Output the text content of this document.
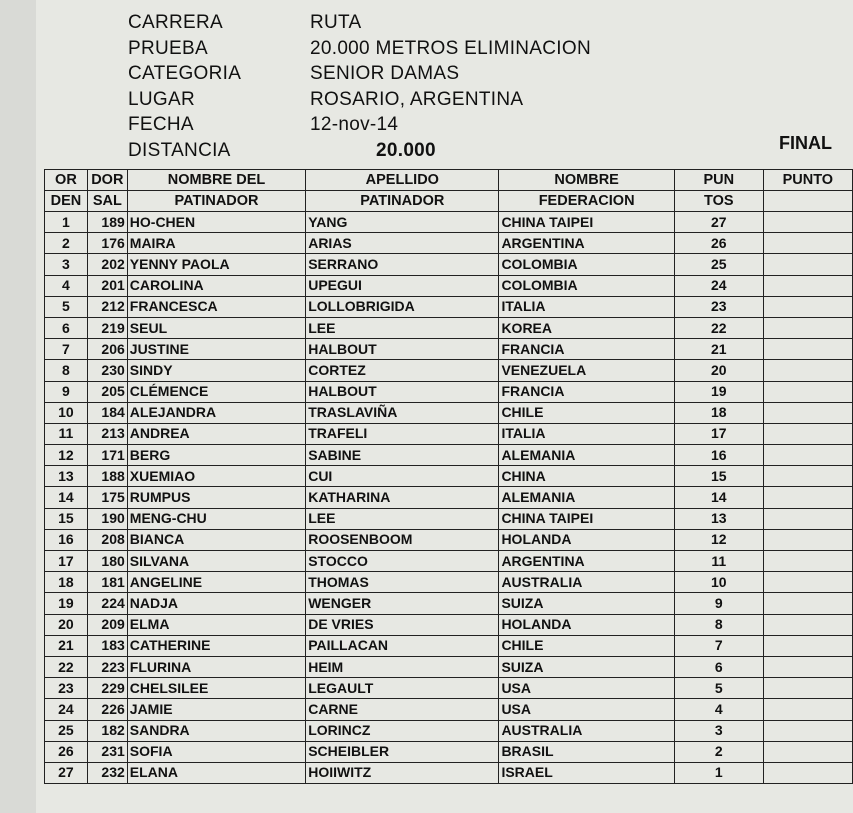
CARRERA	RUTA
PRUEBA	20.000 METROS ELIMINACION
CATEGORIA	SENIOR DAMAS
LUGAR	ROSARIO, ARGENTINA
FECHA	12-nov-14
DISTANCIA	20.000	FINAL
OR	DOR	NOMBRE DEL	APELLIDO	NOMBRE	PUN	PUNTO
DEN	SAL	PATINADOR	PATINADOR	FEDERACION	TOS	
1	189	HO-CHEN	YANG	CHINA TAIPEI	27	
2	176	MAIRA	ARIAS	ARGENTINA	26	
3	202	YENNY PAOLA	SERRANO	COLOMBIA	25	
4	201	CAROLINA	UPEGUI	COLOMBIA	24	
5	212	FRANCESCA	LOLLOBRIGIDA	ITALIA	23	
6	219	SEUL	LEE	KOREA	22	
7	206	JUSTINE	HALBOUT	FRANCIA	21	
8	230	SINDY	CORTEZ	VENEZUELA	20	
9	205	CLÉMENCE	HALBOUT	FRANCIA	19	
10	184	ALEJANDRA	TRASLAVIÑA	CHILE	18	
11	213	ANDREA	TRAFELI	ITALIA	17	
12	171	BERG	SABINE	ALEMANIA	16	
13	188	XUEMIAO	CUI	CHINA	15	
14	175	RUMPUS	KATHARINA	ALEMANIA	14	
15	190	MENG-CHU	LEE	CHINA TAIPEI	13	
16	208	BIANCA	ROOSENBOOM	HOLANDA	12	
17	180	SILVANA	STOCCO	ARGENTINA	11	
18	181	ANGELINE	THOMAS	AUSTRALIA	10	
19	224	NADJA	WENGER	SUIZA	9	
20	209	ELMA	DE VRIES	HOLANDA	8	
21	183	CATHERINE	PAILLACAN	CHILE	7	
22	223	FLURINA	HEIM	SUIZA	6	
23	229	CHELSILEE	LEGAULT	USA	5	
24	226	JAMIE	CARNE	USA	4	
25	182	SANDRA	LORINCZ	AUSTRALIA	3	
26	231	SOFIA	SCHEIBLER	BRASIL	2	
27	232	ELANA	HOIIWITZ	ISRAEL	1	
